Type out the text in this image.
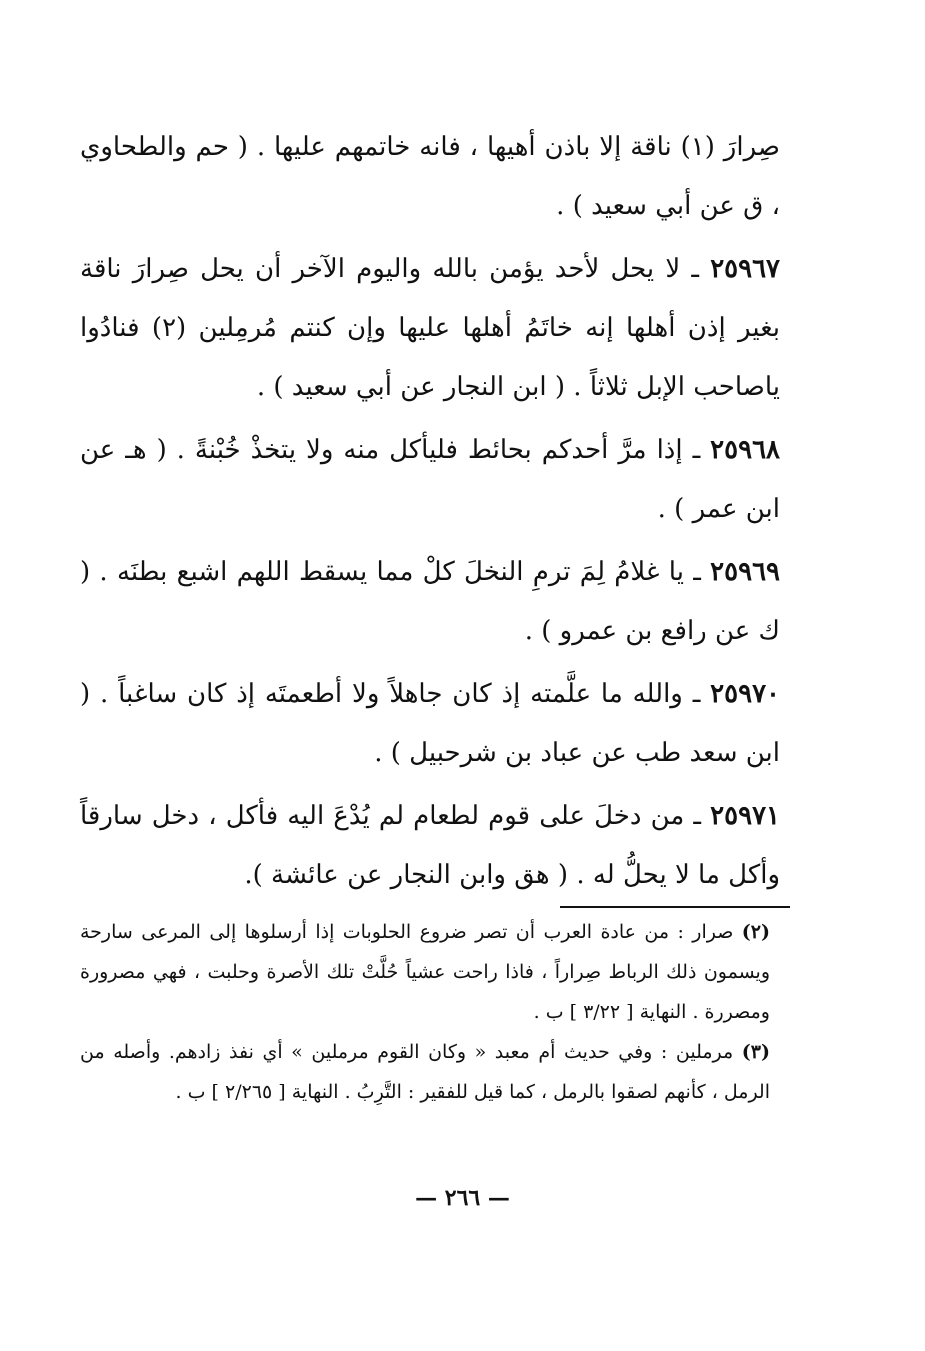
صِرارَ (١) ناقة إلا باذن أهيها ، فانه خاتمهم عليها . ( حم والطحاوي ، ق عن أبي سعيد ) .

٢٥٩٦٧ ـ لا يحل لأحد يؤمن بالله واليوم الآخر أن يحل صِرارَ ناقة بغير إذن أهلها إنه خاتَمُ أهلها عليها وإن كنتم مُرمِلين (٢) فنادُوا ياصاحب الإبل ثلاثاً . ( ابن النجار عن أبي سعيد ) .

٢٥٩٦٨ ـ إذا مرَّ أحدكم بحائط فليأكل منه ولا يتخذْ خُبْنةً . ( هـ عن ابن عمر ) .

٢٥٩٦٩ ـ يا غلامُ لِمَ ترمِ النخلَ كلْ مما يسقط اللهم اشبع بطنَه . ( ك عن رافع بن عمرو ) .

٢٥٩٧٠ ـ والله ما علَّمته إذ كان جاهلاً ولا أطعمتَه إذ كان ساغباً . ( ابن سعد طب عن عباد بن شرحبيل ) .

٢٥٩٧١ ـ من دخلَ على قوم لطعام لم يُدْعَ اليه فأكل ، دخل سارقاً وأكل ما لا يحلُّ له . ( هق وابن النجار عن عائشة ).

(٢) صرار : من عادة العرب أن تصر ضروع الحلوبات إذا أرسلوها إلى المرعى سارحة ويسمون ذلك الرباط صِراراً ، فاذا راحت عشياً حُلَّتْ تلك الأصرة وحلبت ، فهي مصرورة ومصررة . النهاية [ ٣/٢٢ ] ب .

(٣) مرملين : وفي حديث أم معبد « وكان القوم مرملين » أي نفذ زادهم. وأصله من الرمل ، كأنهم لصقوا بالرمل ، كما قيل للفقير : التَّرِبُ . النهاية [ ٢/٢٦٥ ] ب .

— ٢٦٦ —
